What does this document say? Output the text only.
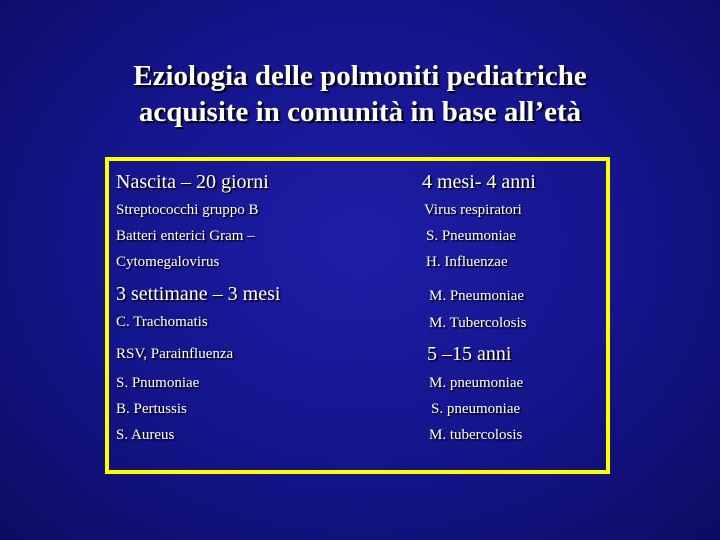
Eziologia delle polmoniti pediatriche
acquisite in comunità in base all’età
Nascita – 20 giorni
Streptococchi gruppo B
Batteri enterici Gram –
Cytomegalovirus
3 settimane – 3 mesi
C. Trachomatis
RSV, Parainfluenza
S. Pnumoniae
B. Pertussis
S. Aureus
4 mesi- 4 anni
Virus respiratori
S. Pneumoniae
H. Influenzae
M. Pneumoniae
M. Tubercolosis
5 –15 anni
M. pneumoniae
S. pneumoniae
M. tubercolosis
